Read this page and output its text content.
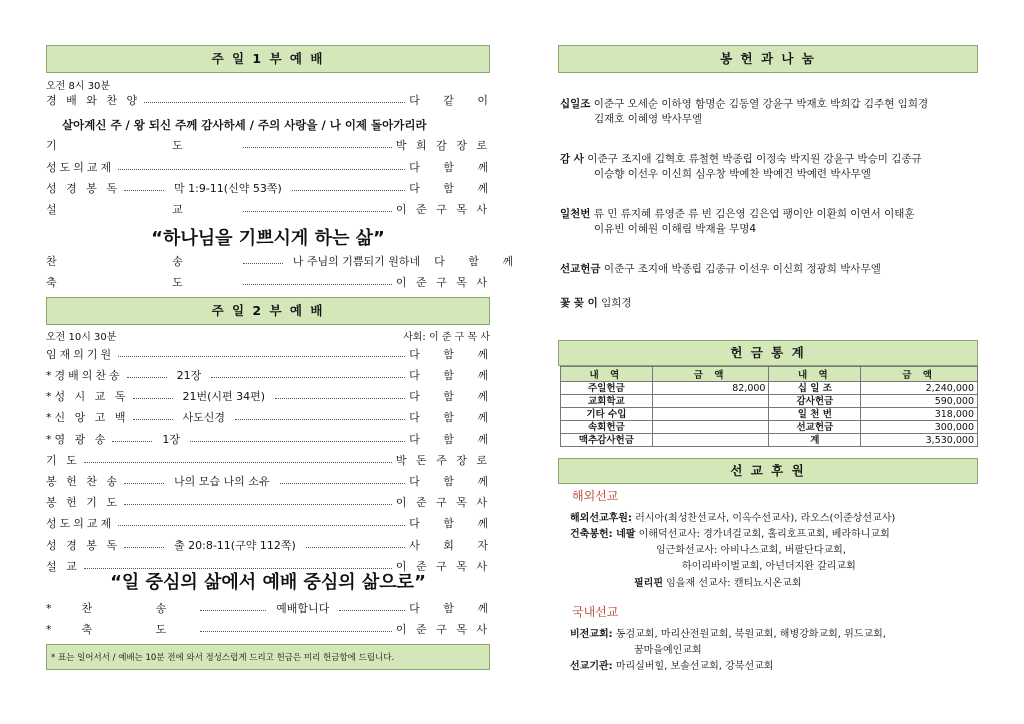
주 일 1 부 예 배
오전 8시 30분
경 배 와 찬 양	다 같 이
살아계신 주 / 왕 되신 주께 감사하세 / 주의 사랑을 / 나 이제 돌아가리라
기 도	박 희 감 장 로
성도의교제	다 함 께
성 경 봉 독	막 1:9-11(신약 53쪽)	다 함 께
설 교	이 준 구 목 사
“하나님을 기쁘시게 하는 삶”
찬 송	나 주님의 기쁨되기 원하네	다 함 께
축 도	이 준 구 목 사
주 일 2 부 예 배
오전 10시 30분	사회: 이 준 구 목 사
임재의기원	다 함 께
*경배의찬송	21장	다 함 께
*성 시 교 독	21번(시편 34편)	다 함 께
*신 앙 고 백	사도신경	다 함 께
*영 광 송	1장	다 함 께
기 도	박 돈 주 장 로
봉 헌 찬 송	나의 모습 나의 소유	다 함 께
봉 헌 기 도	이 준 구 목 사
성도의교제	다 함 께
성 경 봉 독	출 20:8-11(구약 112쪽)	사 회 자
설 교	이 준 구 목 사
“일 중심의 삶에서 예배 중심의 삶으로”
*찬 송	예배합니다	다 함 께
*축 도	이 준 구 목 사
* 표는 일어서서 / 예배는 10분 전에 와서 정성스럽게 드리고 헌금은 미리 헌금함에 드립니다.
봉 헌 과 나 눔
십일조 이준구 오세순 이하영 함명순 김동열 강윤구 박재호 박희갑 김주현 임희경
김재호 이혜영 박사무엘
감 사 이준구 조지애 김혁호 류철현 박종립 이정숙 박지원 강윤구 박승미 김종규
이승향 이선우 이신희 심우창 박예찬 박예건 박예련 박사무엘
일천번 류 민 류지혜 류영준 류 빈 김은영 김은엽 팽이안 이환희 이연서 이태훈
이유빈 이혜원 이해림 박재율 무명4
선교헌금 이준구 조지애 박종립 김종규 이선우 이신희 정광희 박사무엘
꽃 꽂 이 임희경
헌 금 통 계
내 역	금 액	내 역	금 액
주일헌금	82,000	십 일 조	2,240,000
교회학교		감사헌금	590,000
기타 수입		일 천 번	318,000
속회헌금		선교헌금	300,000
맥추감사헌금		계	3,530,000
선 교 후 원
해외선교
해외선교후원: 러시아(최성찬선교사, 이옥수선교사), 라오스(이준상선교사)
건축봉헌: 네팔 이해덕선교사: 경가녀걸교회, 홀리호프교회, 베라하니교회
임근화선교사: 아비나스교회, 버팔단다교회,
하이리바이벌교회, 아넌더지완 갈리교회
필리핀 임을재 선교사: 캔티뇨시온교회
국내선교
비전교회: 동검교회, 마리산전원교회, 북원교회, 해병강화교회, 위드교회,
꿈마을예인교회
선교기관: 마리실버힐, 보솔선교회, 강북선교회
